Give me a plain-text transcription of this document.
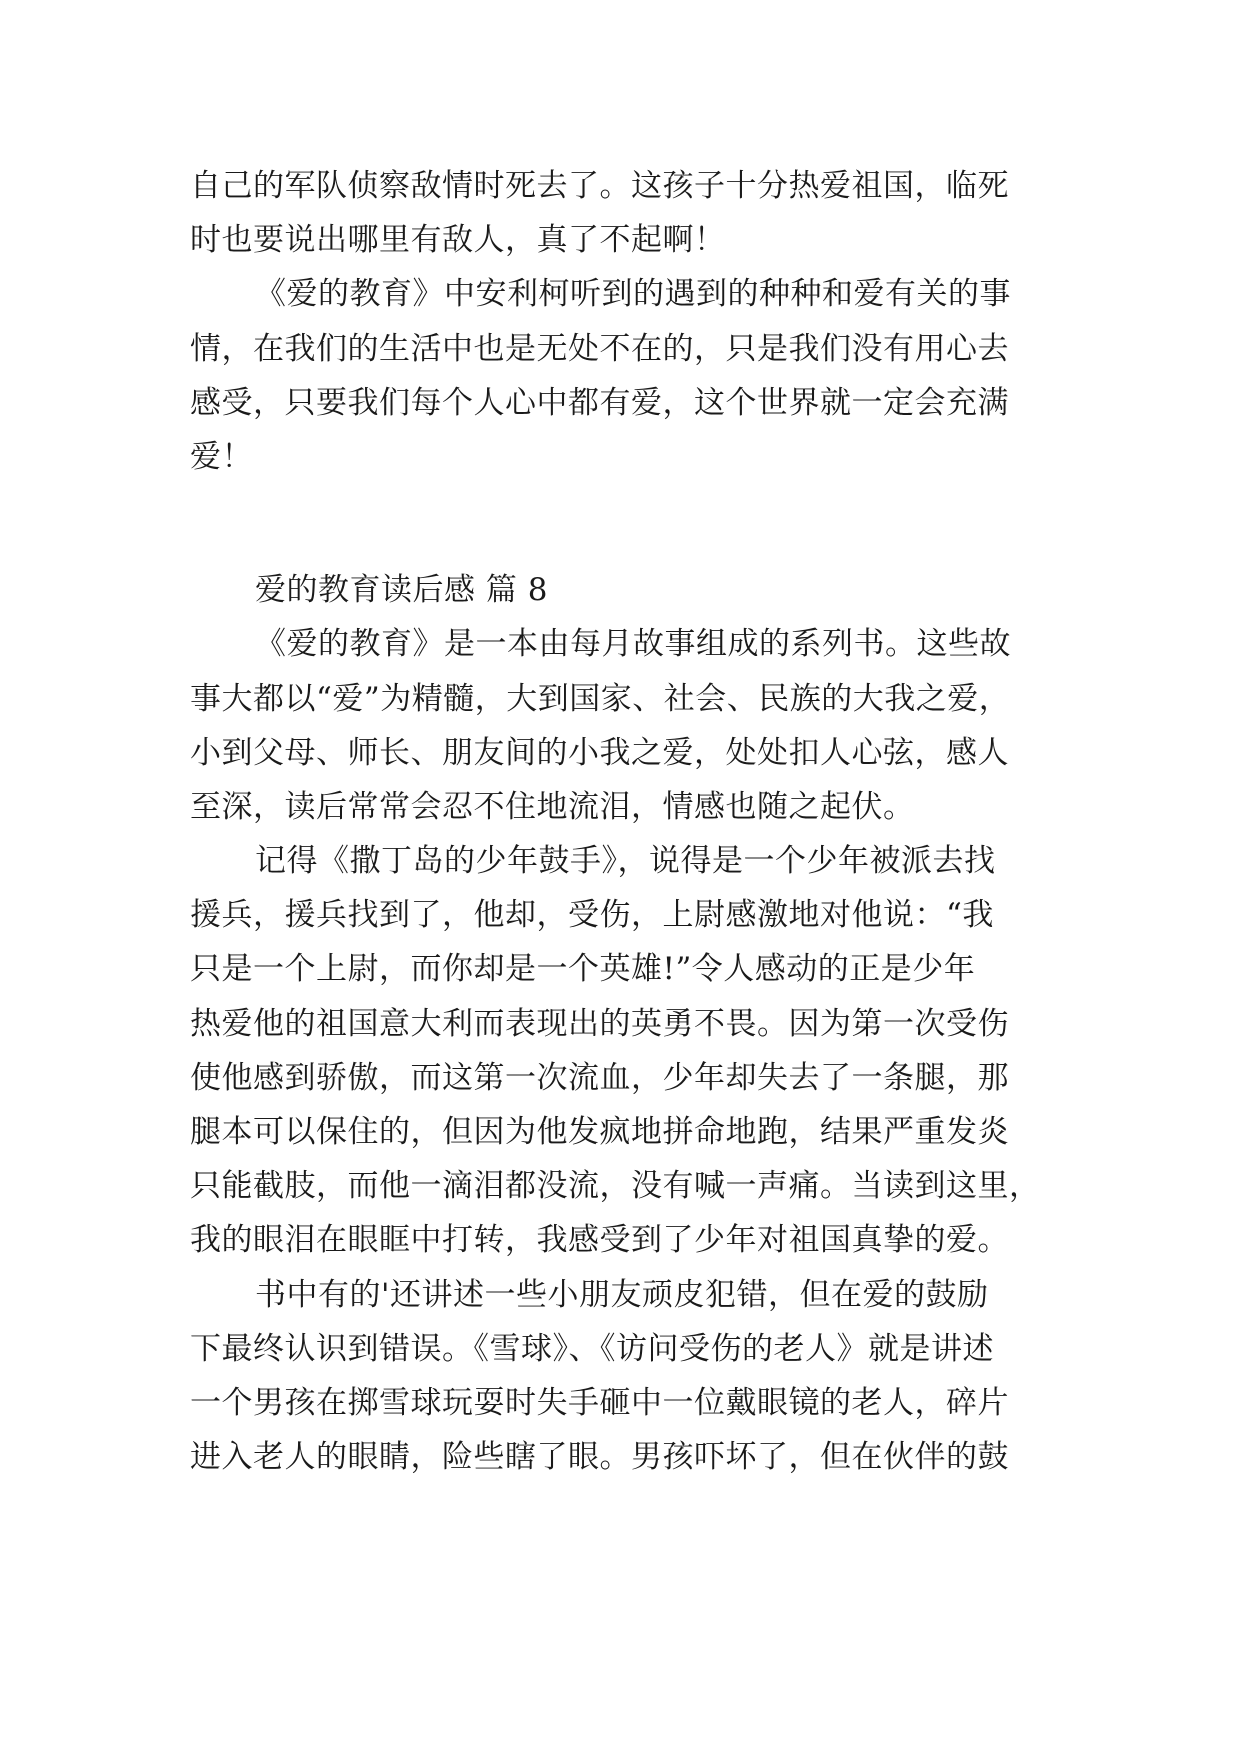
自己的军队侦察敌情时死去了。这孩子十分热爱祖国，临死
时也要说出哪里有敌人，真了不起啊！
《爱的教育》中安利柯听到的遇到的种种和爱有关的事
情，在我们的生活中也是无处不在的，只是我们没有用心去
感受，只要我们每个人心中都有爱，这个世界就一定会充满
爱！
爱的教育读后感 篇 8
《爱的教育》是一本由每月故事组成的系列书。这些故
事大都以“爱”为精髓，大到国家、社会、民族的大我之爱，
小到父母、师长、朋友间的小我之爱，处处扣人心弦，感人
至深，读后常常会忍不住地流泪，情感也随之起伏。
记得《撒丁岛的少年鼓手》，说得是一个少年被派去找
援兵，援兵找到了，他却，受伤，上尉感激地对他说：“我
只是一个上尉，而你却是一个英雄!”令人感动的正是少年
热爱他的祖国意大利而表现出的英勇不畏。因为第一次受伤
使他感到骄傲，而这第一次流血，少年却失去了一条腿，那
腿本可以保住的，但因为他发疯地拼命地跑，结果严重发炎
只能截肢，而他一滴泪都没流，没有喊一声痛。当读到这里，
我的眼泪在眼眶中打转，我感受到了少年对祖国真挚的爱。
书中有的'还讲述一些小朋友顽皮犯错，但在爱的鼓励
下最终认识到错误。《雪球》、《访问受伤的老人》就是讲述
一个男孩在掷雪球玩耍时失手砸中一位戴眼镜的老人，碎片
进入老人的眼睛，险些瞎了眼。男孩吓坏了，但在伙伴的鼓
